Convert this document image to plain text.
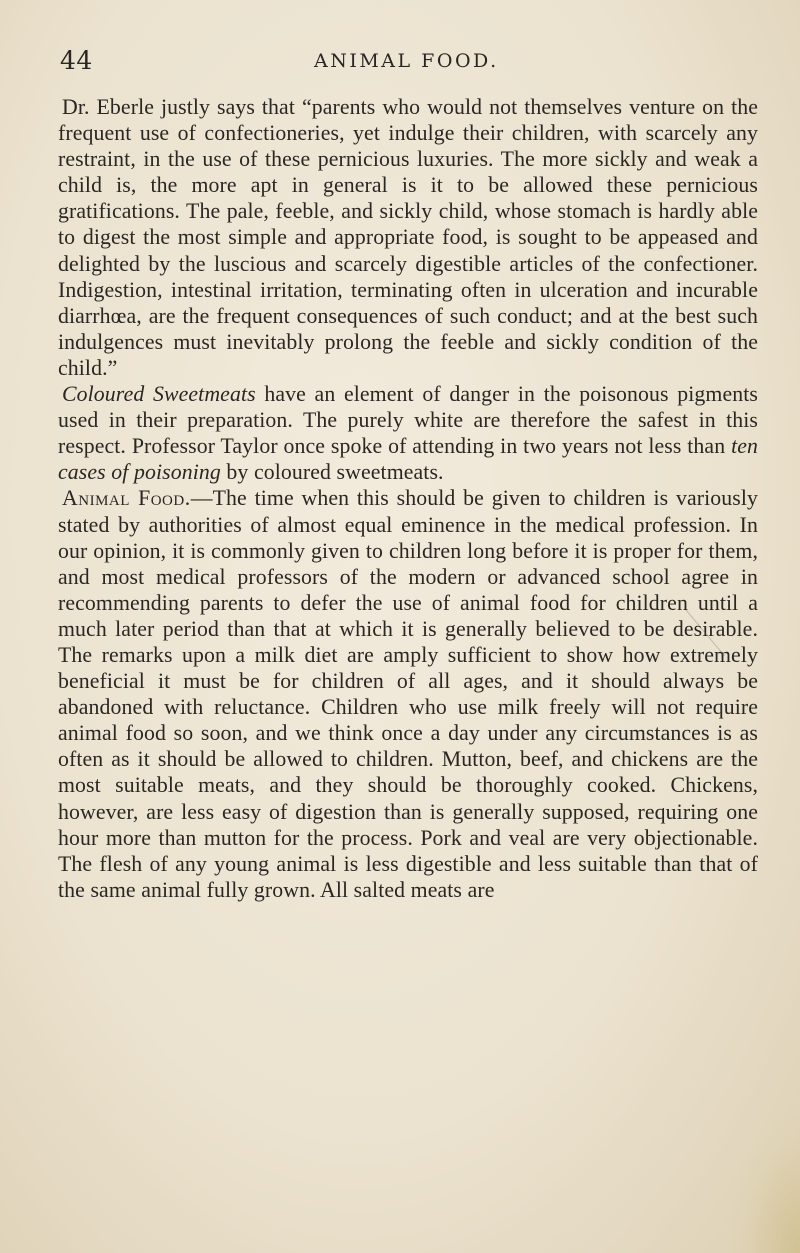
44	ANIMAL FOOD.

Dr. Eberle justly says that “parents who would not themselves venture on the frequent use of confectioneries, yet indulge their children, with scarcely any restraint, in the use of these pernicious luxuries. The more sickly and weak a child is, the more apt in general is it to be allowed these pernicious gratifications. The pale, feeble, and sickly child, whose stomach is hardly able to digest the most simple and appropriate food, is sought to be appeased and delighted by the luscious and scarcely digestible articles of the confectioner. Indigestion, intestinal irritation, terminating often in ulceration and incurable diarrhœa, are the frequent consequences of such conduct; and at the best such indulgences must inevitably prolong the feeble and sickly condition of the child.”

Coloured Sweetmeats have an element of danger in the poisonous pigments used in their preparation. The purely white are therefore the safest in this respect. Professor Taylor once spoke of attending in two years not less than ten cases of poisoning by coloured sweetmeats.

Animal Food.—The time when this should be given to children is variously stated by authorities of almost equal eminence in the medical profession. In our opinion, it is commonly given to children long before it is proper for them, and most medical professors of the modern or advanced school agree in recommending parents to defer the use of animal food for children until a much later period than that at which it is generally believed to be desirable. The remarks upon a milk diet are amply sufficient to show how extremely beneficial it must be for children of all ages, and it should always be abandoned with reluctance. Children who use milk freely will not require animal food so soon, and we think once a day under any circumstances is as often as it should be allowed to children. Mutton, beef, and chickens are the most suitable meats, and they should be thoroughly cooked. Chickens, however, are less easy of digestion than is generally supposed, requiring one hour more than mutton for the process. Pork and veal are very objectionable. The flesh of any young animal is less digestible and less suitable than that of the same animal fully grown. All salted meats are
